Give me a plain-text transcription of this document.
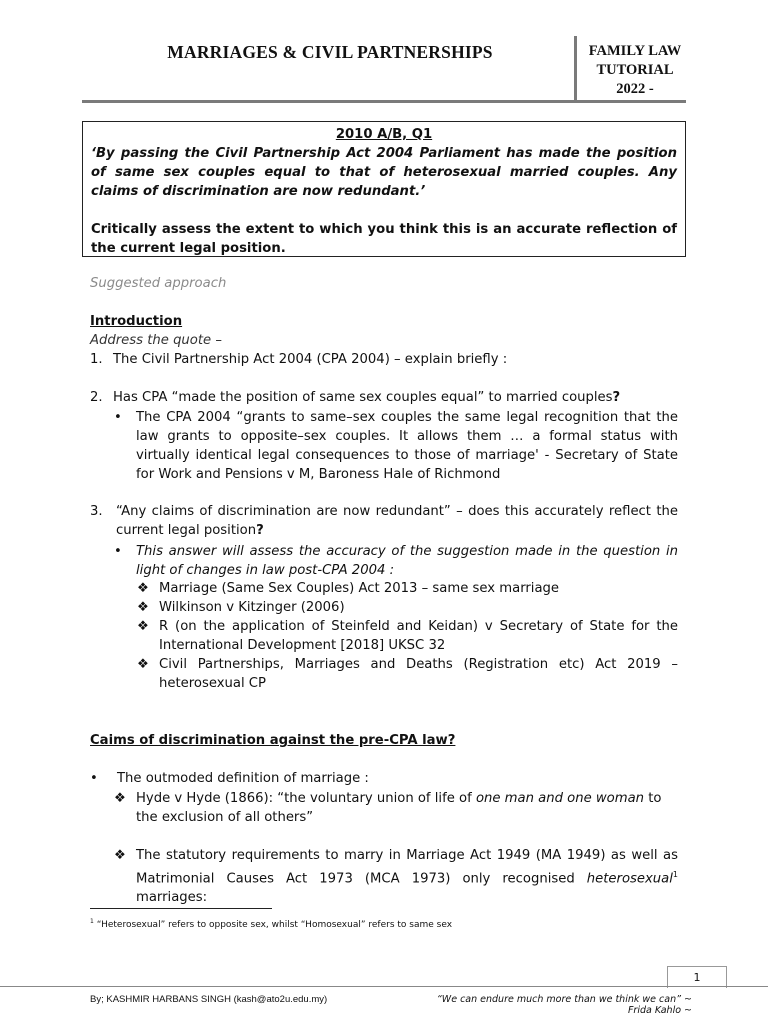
MARRIAGES & CIVIL PARTNERSHIPS	FAMILY LAW
TUTORIAL
2022 -
2010 A/B, Q1
‘By passing the Civil Partnership Act 2004 Parliament has made the position of same sex couples equal to that of heterosexual married couples. Any claims of discrimination are now redundant.’
Critically assess the extent to which you think this is an accurate reflection of the current legal position.
Suggested approach
Introduction
Address the quote –
1. The Civil Partnership Act 2004 (CPA 2004) – explain briefly :
2. Has CPA “made the position of same sex couples equal” to married couples?
•	The CPA 2004 “grants to same–sex couples the same legal recognition that the law grants to opposite–sex couples. It allows them … a formal status with virtually identical legal consequences to those of marriage' - Secretary of State for Work and Pensions v M, Baroness Hale of Richmond
3.	“Any claims of discrimination are now redundant” – does this accurately reflect the current legal position?
•	This answer will assess the accuracy of the suggestion made in the question in light of changes in law post-CPA 2004 :
❖ Marriage (Same Sex Couples) Act 2013 – same sex marriage
❖ Wilkinson v Kitzinger (2006)
❖ R (on the application of Steinfeld and Keidan) v Secretary of State for the International Development [2018] UKSC 32
❖ Civil Partnerships, Marriages and Deaths (Registration etc) Act 2019 – heterosexual CP
Caims of discrimination against the pre-CPA law?
•	The outmoded definition of marriage :
❖ Hyde v Hyde (1866): “the voluntary union of life of one man and one woman to the exclusion of all others”
❖ The statutory requirements to marry in Marriage Act 1949 (MA 1949) as well as Matrimonial Causes Act 1973 (MCA 1973) only recognised heterosexual$^1$ marriages:
$^1$ “Heterosexual” refers to opposite sex, whilst “Homosexual” refers to same sex
1
By; KASHMIR HARBANS SINGH (kash@ato2u.edu.my)	“We can endure much more than we think we can” ~ Frida Kahlo ~
